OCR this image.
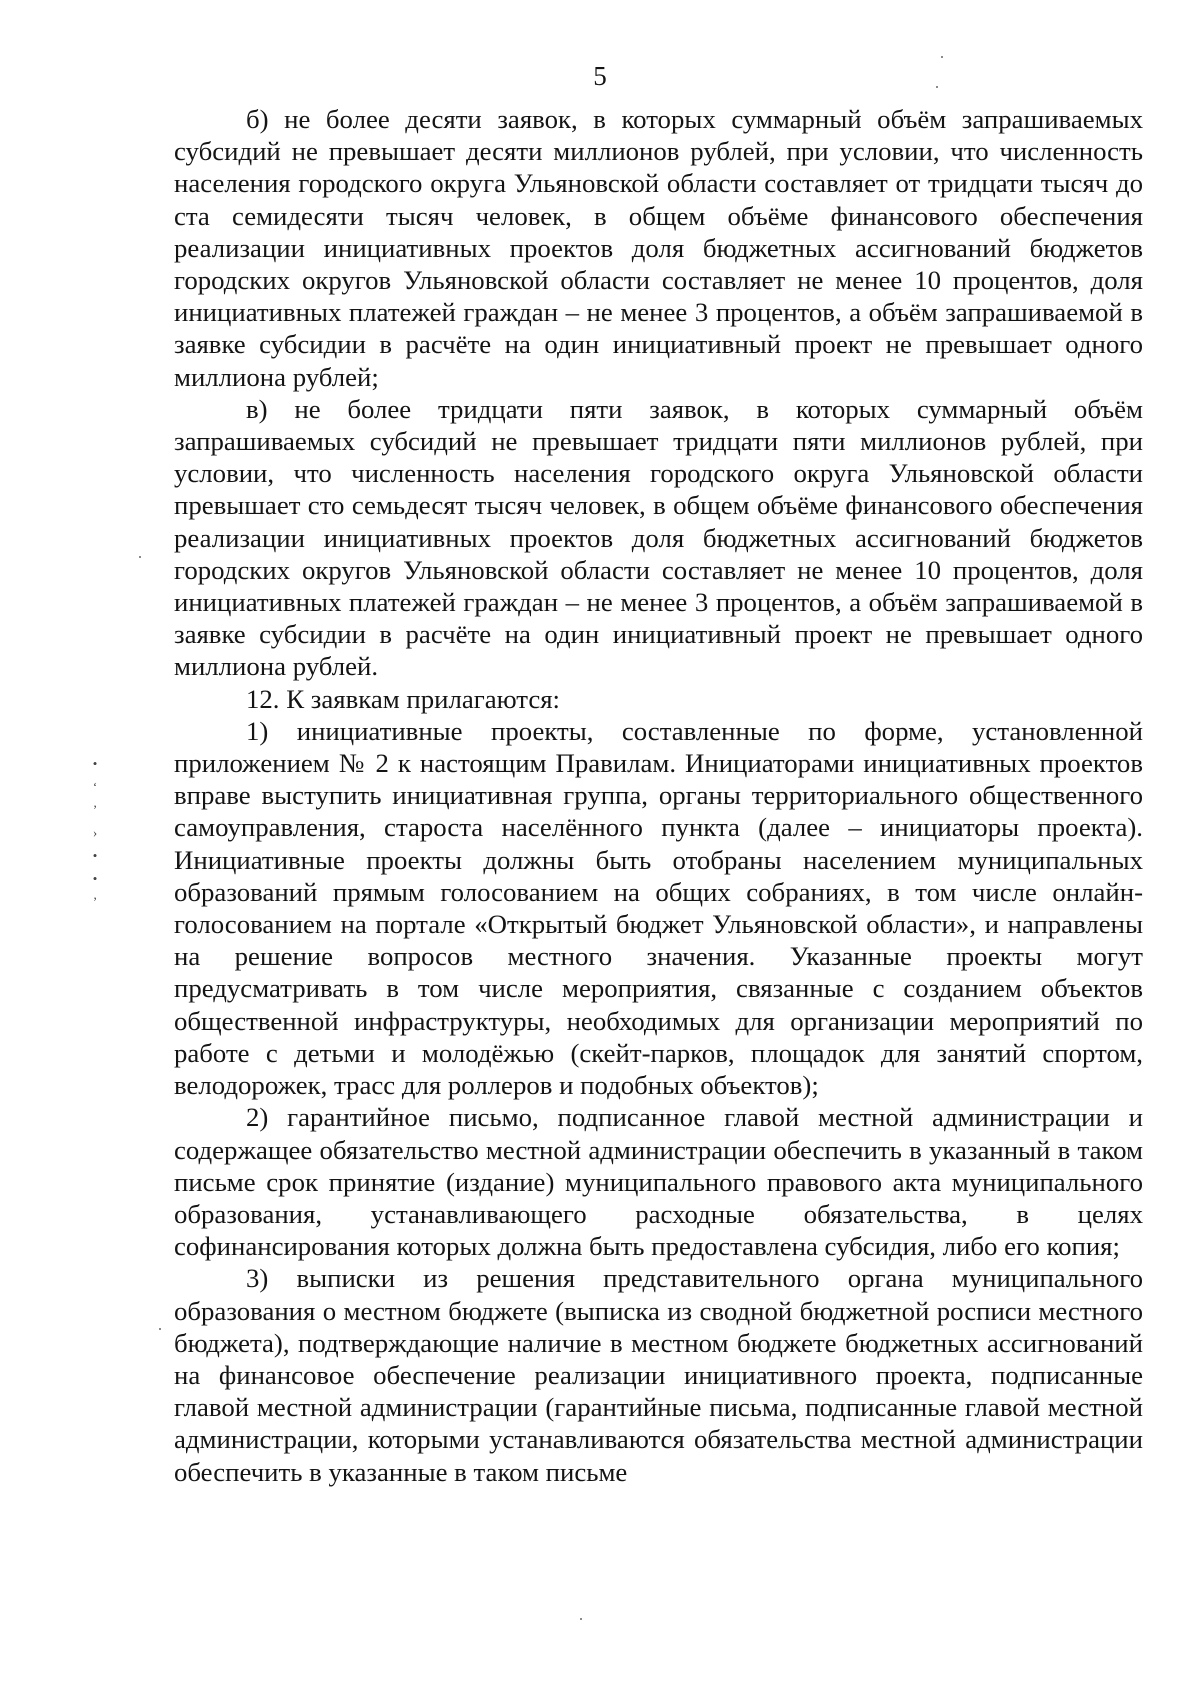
5

б) не более десяти заявок, в которых суммарный объём запрашиваемых субсидий не превышает десяти миллионов рублей, при условии, что численность населения городского округа Ульяновской области составляет от тридцати тысяч до ста семидесяти тысяч человек, в общем объёме финансового обеспечения реализации инициативных проектов доля бюджетных ассигнований бюджетов городских округов Ульяновской области составляет не менее 10 процентов, доля инициативных платежей граждан – не менее 3 процентов, а объём запрашиваемой в заявке субсидии в расчёте на один инициативный проект не превышает одного миллиона рублей;

в) не более тридцати пяти заявок, в которых суммарный объём запрашиваемых субсидий не превышает тридцати пяти миллионов рублей, при условии, что численность населения городского округа Ульяновской области превышает сто семьдесят тысяч человек, в общем объёме финансового обеспечения реализации инициативных проектов доля бюджетных ассигнований бюджетов городских округов Ульяновской области составляет не менее 10 процентов, доля инициативных платежей граждан – не менее 3 процентов, а объём запрашиваемой в заявке субсидии в расчёте на один инициативный проект не превышает одного миллиона рублей.

12. К заявкам прилагаются:

1) инициативные проекты, составленные по форме, установленной приложением № 2 к настоящим Правилам. Инициаторами инициативных проектов вправе выступить инициативная группа, органы территориального общественного самоуправления, староста населённого пункта (далее – инициаторы проекта). Инициативные проекты должны быть отобраны населением муниципальных образований прямым голосованием на общих собраниях, в том числе онлайн-голосованием на портале «Открытый бюджет Ульяновской области», и направлены на решение вопросов местного значения. Указанные проекты могут предусматривать в том числе мероприятия, связанные с созданием объектов общественной инфраструктуры, необходимых для организации мероприятий по работе с детьми и молодёжью (скейт-парков, площадок для занятий спортом, велодорожек, трасс для роллеров и подобных объектов);

2) гарантийное письмо, подписанное главой местной администрации и содержащее обязательство местной администрации обеспечить в указанный в таком письме срок принятие (издание) муниципального правового акта муниципального образования, устанавливающего расходные обязательства, в целях софинансирования которых должна быть предоставлена субсидия, либо его копия;

3) выписки из решения представительного органа муниципального образования о местном бюджете (выписка из сводной бюджетной росписи местного бюджета), подтверждающие наличие в местном бюджете бюджетных ассигнований на финансовое обеспечение реализации инициативного проекта, подписанные главой местной администрации (гарантийные письма, подписанные главой местной администрации, которыми устанавливаются обязательства местной администрации обеспечить в указанные в таком письме

•
‘
’
›
•
•
’
